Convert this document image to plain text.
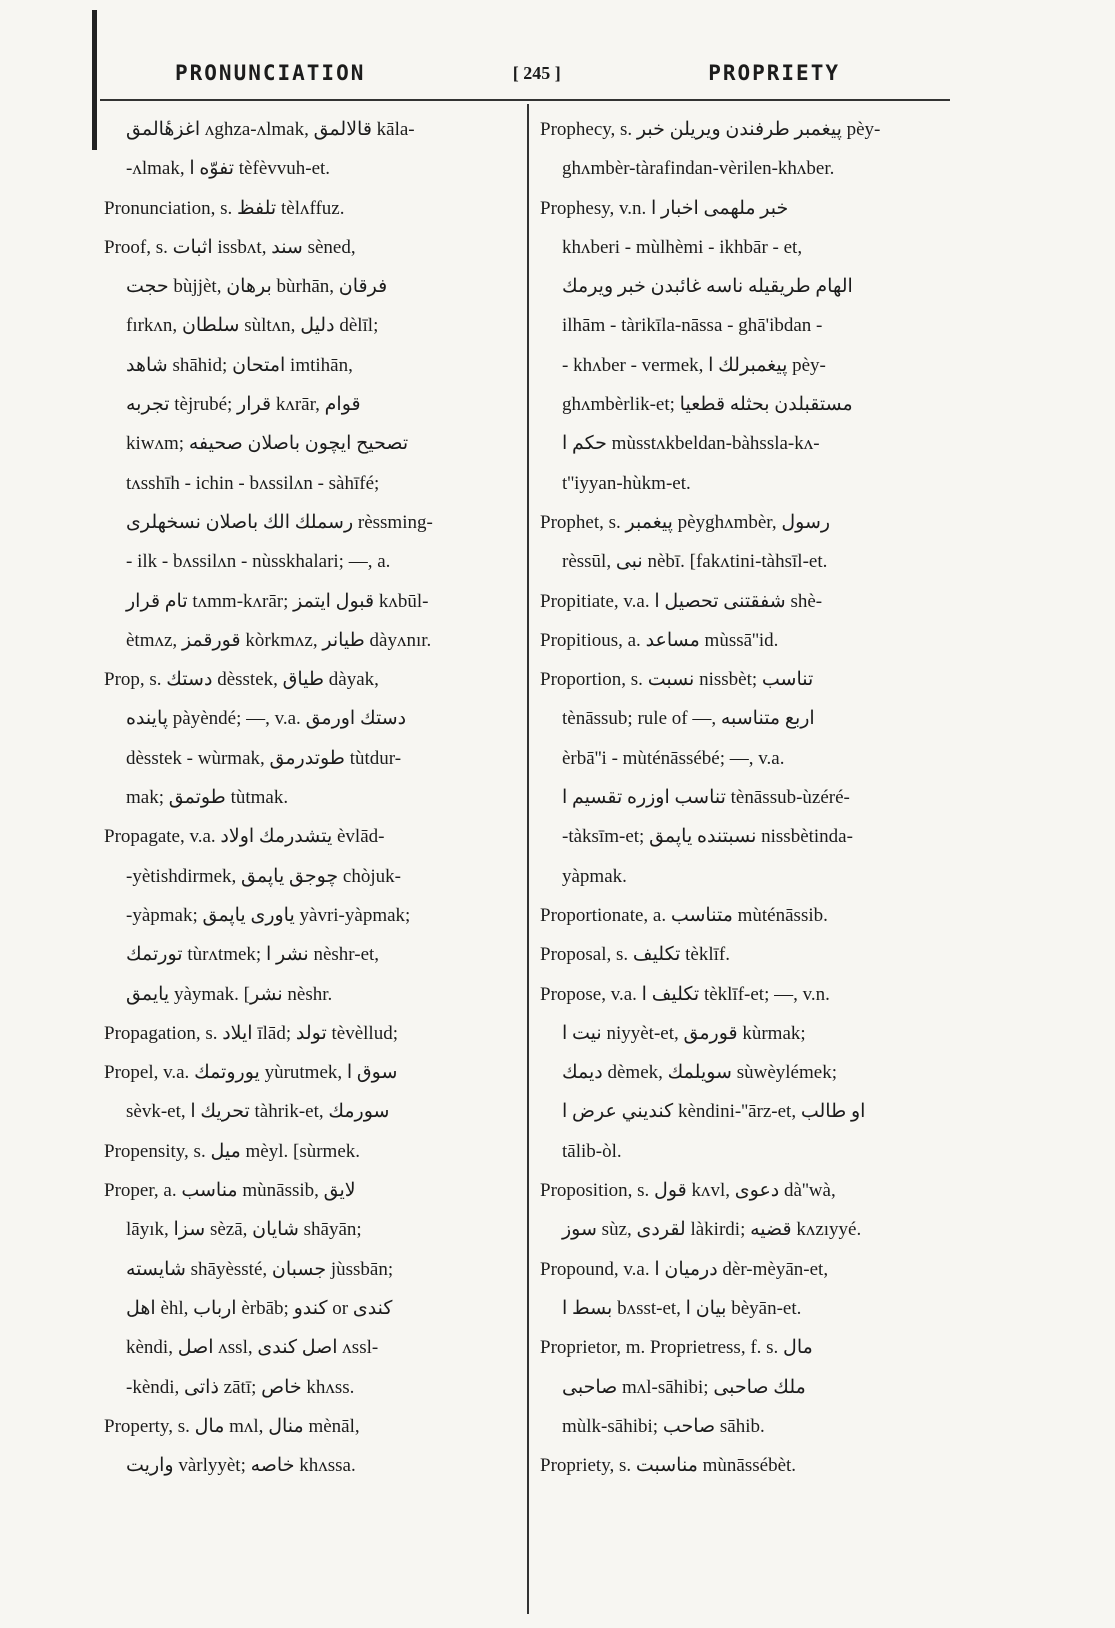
PRONUNCIATION	[ 245 ]	PROPRIETY
اغزهٔالمق ʌghza-ʌlmak, قالالمق kāla-
-ʌlmak, تفوّه ا tèfèvvuh-et.
Pronunciation, s. تلفظ tèlʌffuz.
Proof, s. اثبات issbʌt, سند sèned,
حجت bùjjèt, برهان bùrhān, فرقان
fırkʌn, سلطان sùltʌn, دليل dèlīl;
شاهد shāhid; امتحان imtihān,
تجربه tèjrubé; قرار kʌrār, قوام
kiwʌm; تصحيح ايچون باصلان صحيفه
tʌsshīh - ichin - bʌssilʌn - sàhīfé;
رسملك الك باصلان نسخهلری rèssming-
- ilk - bʌssilʌn - nùsskhalari; —, a.
تام قرار tʌmm-kʌrār; قبول ايتمز kʌbūl-
ètmʌz, قورقمز kòrkmʌz, طيانر dàyʌnır.
Prop, s. دستك dèsstek, طياق dàyak,
پاينده pàyèndé; —, v.a. دستك اورمق
dèsstek - wùrmak, طوتدرمق tùtdur-
mak; طوتمق tùtmak.
Propagate, v.a. يتشدرمك اولاد èvlād-
-yètishdirmek, چوجق ياپمق chòjuk-
-yàpmak; ياوری ياپمق yàvri-yàpmak;
تورتمك tùrʌtmek; نشر ا nèshr-et,
يايمق yàymak. [نشر nèshr.
Propagation, s. ايلاد īlād; تولد tèvèllud;
Propel, v.a. يوروتمك yùrutmek, سوق ا
sèvk-et, تحريك ا tàhrik-et, سورمك
Propensity, s. ميل mèyl. [sùrmek.
Proper, a. مناسب mùnāssib, لايق
lāyık, سزا sèzā, شايان shāyān;
شايسته shāyèssté, جسبان jùssbān;
اهل èhl, ارباب èrbāb; كندو or كندی
kèndi, اصل ʌssl, اصل كندی ʌssl-
-kèndi, ذاتی zātī; خاص khʌss.
Property, s. مال mʌl, منال mènāl,
واريت vàrlyyèt; خاصه khʌssa.
Prophecy, s. پيغمبر طرفندن ويريلن خبر pèy-
ghʌmbèr-tàrafindan-vèrilen-khʌber.
Prophesy, v.n. خبر ملهمی اخبار ا
khʌberi - mùlhèmi - ikhbār - et,
الهام طريقيله ناسه غائبدن خبر ويرمك
ilhām - tàrikīla-nāssa - ghā'ibdan -
- khʌber - vermek, پيغمبرلك ا pèy-
ghʌmbèrlik-et; مستقبلدن بحثله قطعيا
حكم ا mùsstʌkbeldan-bàhssla-kʌ-
t''iyyan-hùkm-et.
Prophet, s. پيغمبر pèyghʌmbèr, رسول
rèssūl, نبی nèbī. [fakʌtini-tàhsīl-et.
Propitiate, v.a. شفقتنی تحصيل ا shè-
Propitious, a. مساعد mùssā''id.
Proportion, s. نسبت nissbèt; تناسب
tènāssub; rule of —, اربع متناسبه
èrbā''i - mùténāssébé; —, v.a.
تناسب اوزره تقسيم ا tènāssub-ùzéré-
-tàksīm-et; نسبتنده ياپمق nissbètinda-
yàpmak.
Proportionate, a. متناسب mùténāssib.
Proposal, s. تكليف tèklīf.
Propose, v.a. تكليف ا tèklīf-et; —, v.n.
نيت ا niyyèt-et, قورمق kùrmak;
ديمك dèmek, سويلمك sùwèylémek;
كنديني عرض ا kèndini-''ārz-et, او طالب
tālib-òl.
Proposition, s. قول kʌvl, دعوی dà''wà,
سوز sùz, لقردی làkirdi; قضيه kʌzıyyé.
Propound, v.a. درميان ا dèr-mèyān-et,
بسط ا bʌsst-et, بيان ا bèyān-et.
Proprietor, m. Proprietress, f. s. مال
صاحبی mʌl-sāhibi; ملك صاحبی
mùlk-sāhibi; صاحب sāhib.
Propriety, s. مناسبت mùnāssébèt.
